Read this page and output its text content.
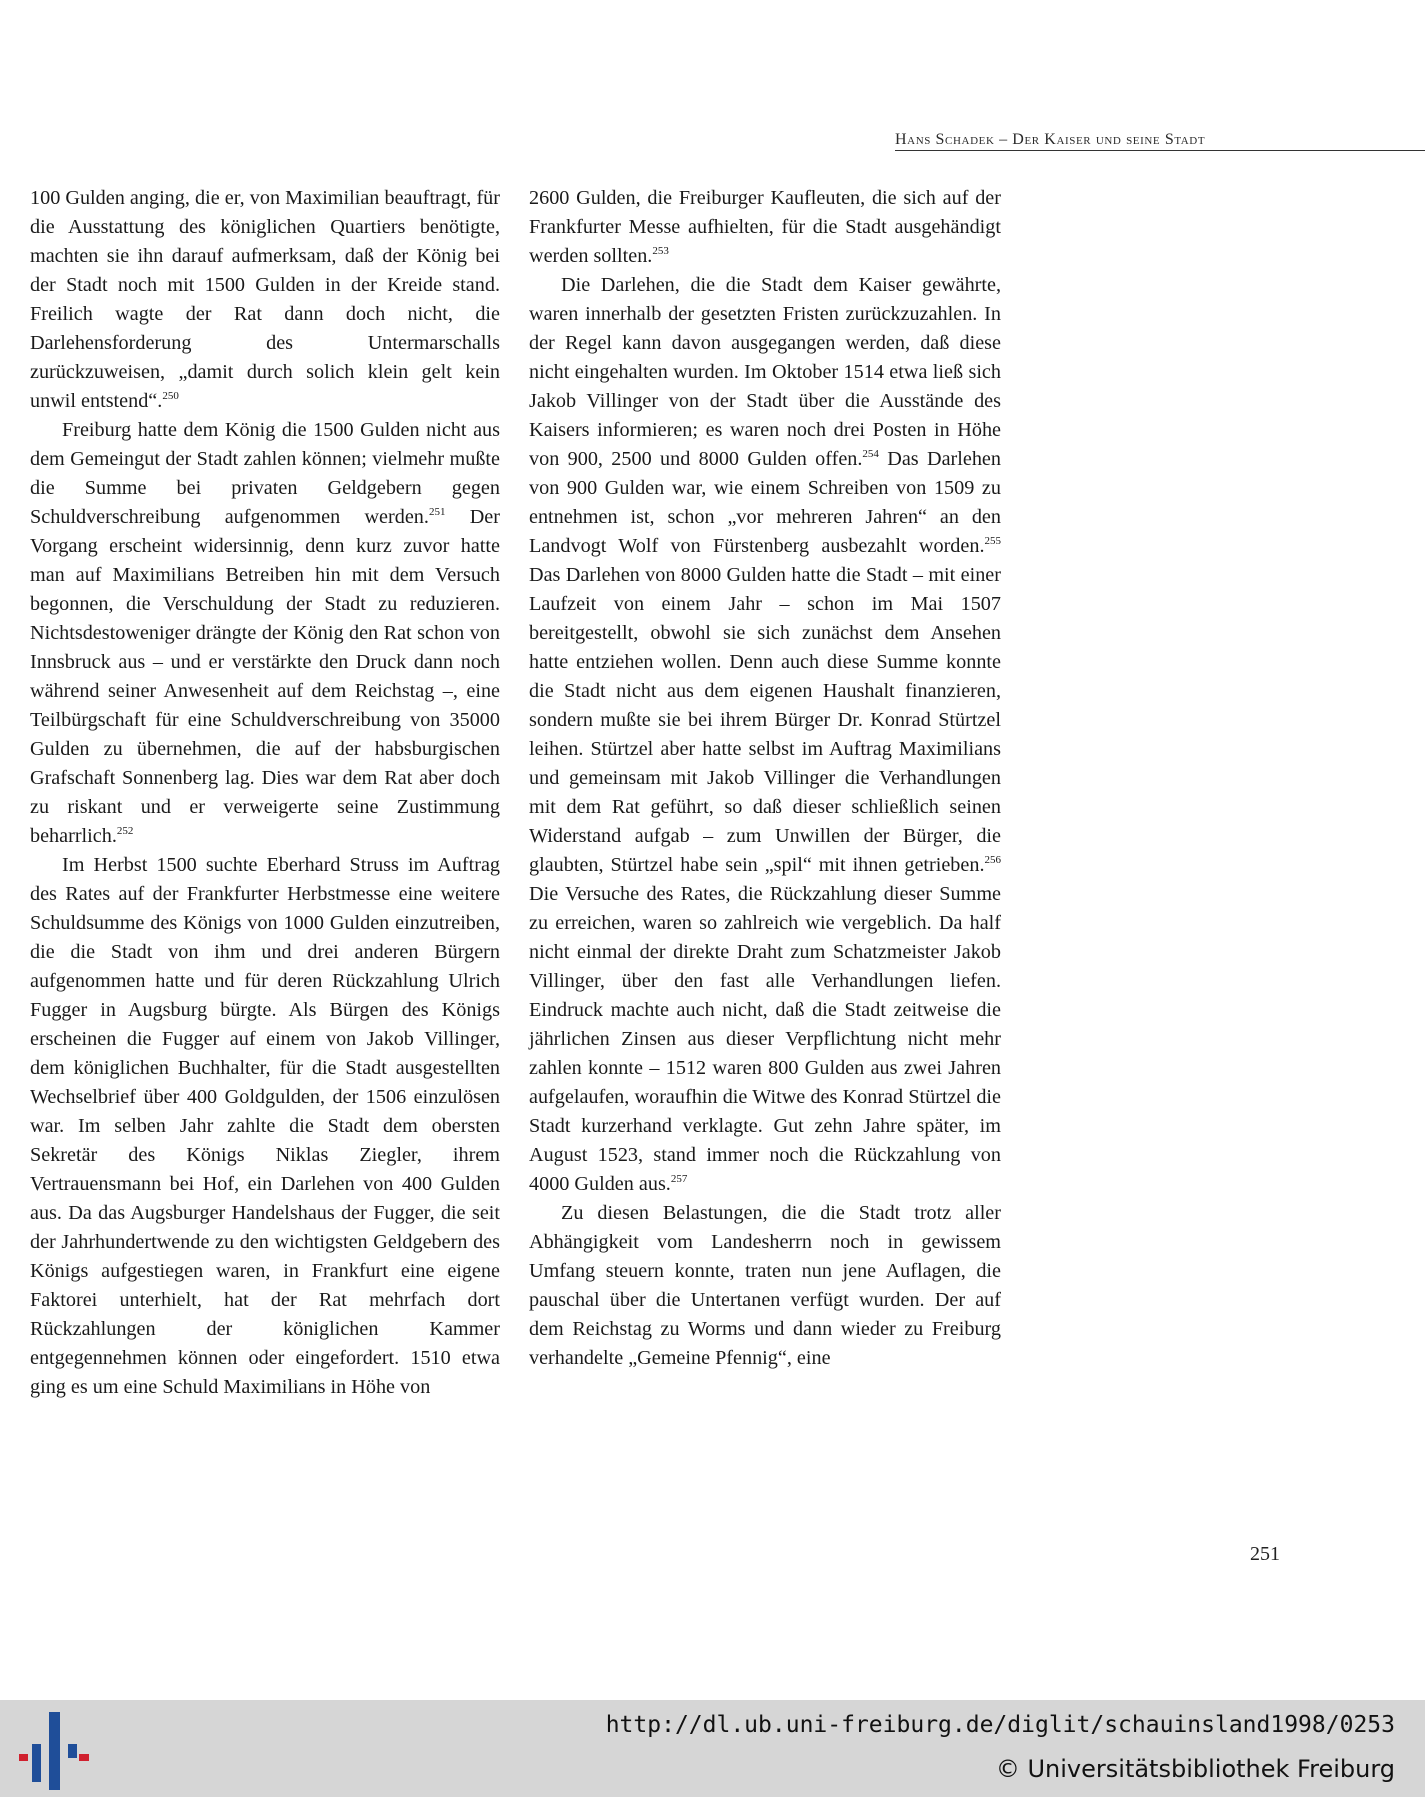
Hans Schadek – Der Kaiser und seine Stadt

100 Gulden anging, die er, von Maximilian beauftragt, für die Ausstattung des königlichen Quartiers benötigte, machten sie ihn darauf aufmerksam, daß der König bei der Stadt noch mit 1500 Gulden in der Kreide stand. Freilich wagte der Rat dann doch nicht, die Darlehensforderung des Untermarschalls zurückzuweisen, „damit durch solich klein gelt kein unwil entstend“.$^{250}$

Freiburg hatte dem König die 1500 Gulden nicht aus dem Gemeingut der Stadt zahlen können; vielmehr mußte die Summe bei privaten Geldgebern gegen Schuldverschreibung aufgenommen werden.$^{251}$ Der Vorgang erscheint widersinnig, denn kurz zuvor hatte man auf Maximilians Betreiben hin mit dem Versuch begonnen, die Verschuldung der Stadt zu reduzieren. Nichtsdestoweniger drängte der König den Rat schon von Innsbruck aus – und er verstärkte den Druck dann noch während seiner Anwesenheit auf dem Reichstag –, eine Teilbürgschaft für eine Schuldverschreibung von 35000 Gulden zu übernehmen, die auf der habsburgischen Grafschaft Sonnenberg lag. Dies war dem Rat aber doch zu riskant und er verweigerte seine Zustimmung beharrlich.$^{252}$

Im Herbst 1500 suchte Eberhard Struss im Auftrag des Rates auf der Frankfurter Herbstmesse eine weitere Schuldsumme des Königs von 1000 Gulden einzutreiben, die die Stadt von ihm und drei anderen Bürgern aufgenommen hatte und für deren Rückzahlung Ulrich Fugger in Augsburg bürgte. Als Bürgen des Königs erscheinen die Fugger auf einem von Jakob Villinger, dem königlichen Buchhalter, für die Stadt ausgestellten Wechselbrief über 400 Goldgulden, der 1506 einzulösen war. Im selben Jahr zahlte die Stadt dem obersten Sekretär des Königs Niklas Ziegler, ihrem Vertrauensmann bei Hof, ein Darlehen von 400 Gulden aus. Da das Augsburger Handelshaus der Fugger, die seit der Jahrhundertwende zu den wichtigsten Geldgebern des Königs aufgestiegen waren, in Frankfurt eine eigene Faktorei unterhielt, hat der Rat mehrfach dort Rückzahlungen der königlichen Kammer entgegennehmen können oder eingefordert. 1510 etwa ging es um eine Schuld Maximilians in Höhe von

2600 Gulden, die Freiburger Kaufleuten, die sich auf der Frankfurter Messe aufhielten, für die Stadt ausgehändigt werden sollten.$^{253}$

Die Darlehen, die die Stadt dem Kaiser gewährte, waren innerhalb der gesetzten Fristen zurückzuzahlen. In der Regel kann davon ausgegangen werden, daß diese nicht eingehalten wurden. Im Oktober 1514 etwa ließ sich Jakob Villinger von der Stadt über die Ausstände des Kaisers informieren; es waren noch drei Posten in Höhe von 900, 2500 und 8000 Gulden offen.$^{254}$ Das Darlehen von 900 Gulden war, wie einem Schreiben von 1509 zu entnehmen ist, schon „vor mehreren Jahren“ an den Landvogt Wolf von Fürstenberg ausbezahlt worden.$^{255}$ Das Darlehen von 8000 Gulden hatte die Stadt – mit einer Laufzeit von einem Jahr – schon im Mai 1507 bereitgestellt, obwohl sie sich zunächst dem Ansehen hatte entziehen wollen. Denn auch diese Summe konnte die Stadt nicht aus dem eigenen Haushalt finanzieren, sondern mußte sie bei ihrem Bürger Dr. Konrad Stürtzel leihen. Stürtzel aber hatte selbst im Auftrag Maximilians und gemeinsam mit Jakob Villinger die Verhandlungen mit dem Rat geführt, so daß dieser schließlich seinen Widerstand aufgab – zum Unwillen der Bürger, die glaubten, Stürtzel habe sein „spil“ mit ihnen getrieben.$^{256}$ Die Versuche des Rates, die Rückzahlung dieser Summe zu erreichen, waren so zahlreich wie vergeblich. Da half nicht einmal der direkte Draht zum Schatzmeister Jakob Villinger, über den fast alle Verhandlungen liefen. Eindruck machte auch nicht, daß die Stadt zeitweise die jährlichen Zinsen aus dieser Verpflichtung nicht mehr zahlen konnte – 1512 waren 800 Gulden aus zwei Jahren aufgelaufen, woraufhin die Witwe des Konrad Stürtzel die Stadt kurzerhand verklagte. Gut zehn Jahre später, im August 1523, stand immer noch die Rückzahlung von 4000 Gulden aus.$^{257}$

Zu diesen Belastungen, die die Stadt trotz aller Abhängigkeit vom Landesherrn noch in gewissem Umfang steuern konnte, traten nun jene Auflagen, die pauschal über die Untertanen verfügt wurden. Der auf dem Reichstag zu Worms und dann wieder zu Freiburg verhandelte „Gemeine Pfennig“, eine

251
http://dl.ub.uni-freiburg.de/diglit/schauinsland1998/0253
© Universitätsbibliothek Freiburg
